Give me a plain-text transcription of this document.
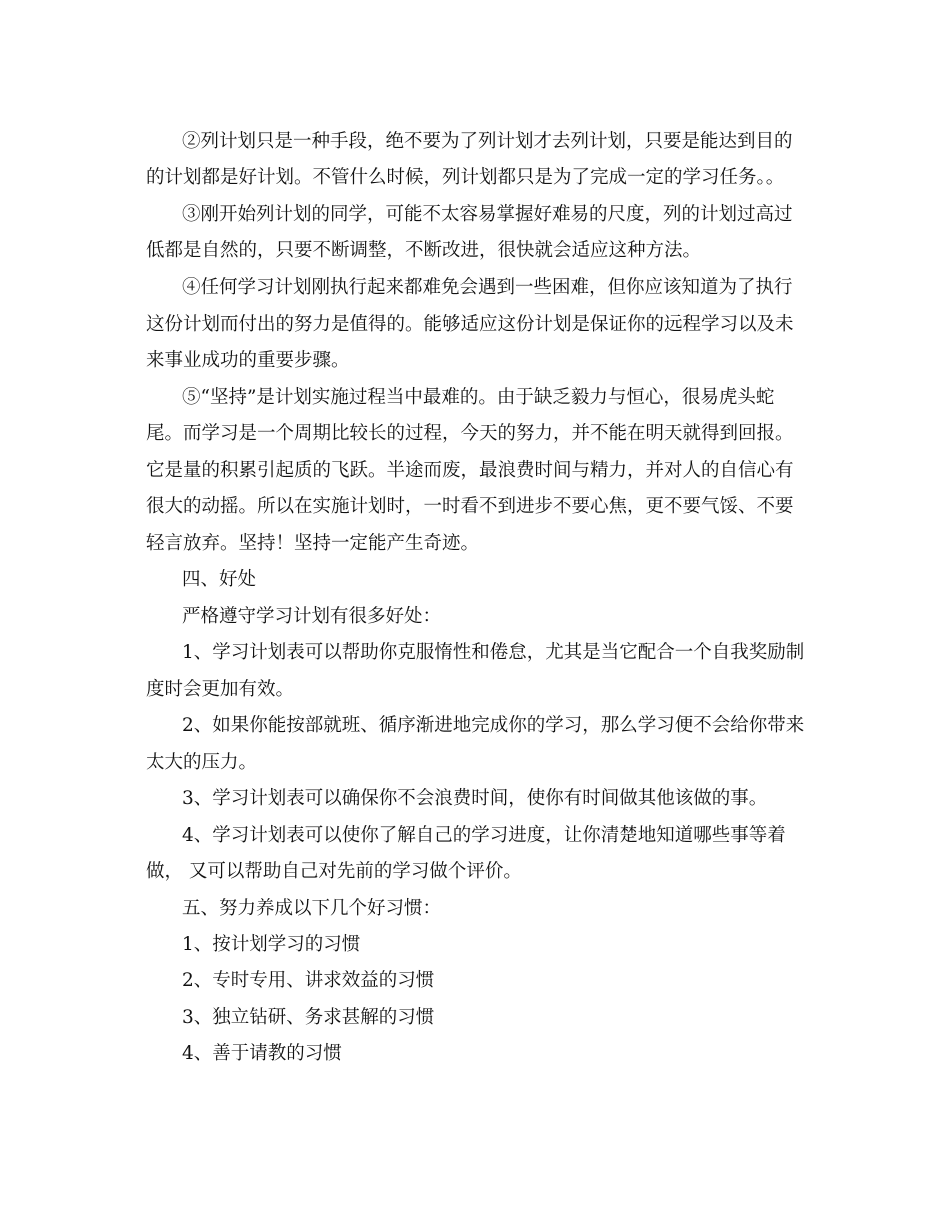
②列计划只是一种手段，绝不要为了列计划才去列计划，只要是能达到目的
的计划都是好计划。不管什么时候，列计划都只是为了完成一定的学习任务。。
③刚开始列计划的同学，可能不太容易掌握好难易的尺度，列的计划过高过
低都是自然的，只要不断调整，不断改进，很快就会适应这种方法。
④任何学习计划刚执行起来都难免会遇到一些困难，但你应该知道为了执行
这份计划而付出的努力是值得的。能够适应这份计划是保证你的远程学习以及未
来事业成功的重要步骤。
⑤“坚持”是计划实施过程当中最难的。由于缺乏毅力与恒心，很易虎头蛇
尾。而学习是一个周期比较长的过程，今天的努力，并不能在明天就得到回报。
它是量的积累引起质的飞跃。半途而废，最浪费时间与精力，并对人的自信心有
很大的动摇。所以在实施计划时，一时看不到进步不要心焦，更不要气馁、不要
轻言放弃。坚持！坚持一定能产生奇迹。
四、好处
严格遵守学习计划有很多好处：
1、学习计划表可以帮助你克服惰性和倦怠，尤其是当它配合一个自我奖励制
度时会更加有效。
2、如果你能按部就班、循序渐进地完成你的学习，那么学习便不会给你带来
太大的压力。
3、学习计划表可以确保你不会浪费时间，使你有时间做其他该做的事。
4、学习计划表可以使你了解自己的学习进度，让你清楚地知道哪些事等着
做， 又可以帮助自己对先前的学习做个评价。
五、努力养成以下几个好习惯：
1、按计划学习的习惯
2、专时专用、讲求效益的习惯
3、独立钻研、务求甚解的习惯
4、善于请教的习惯
